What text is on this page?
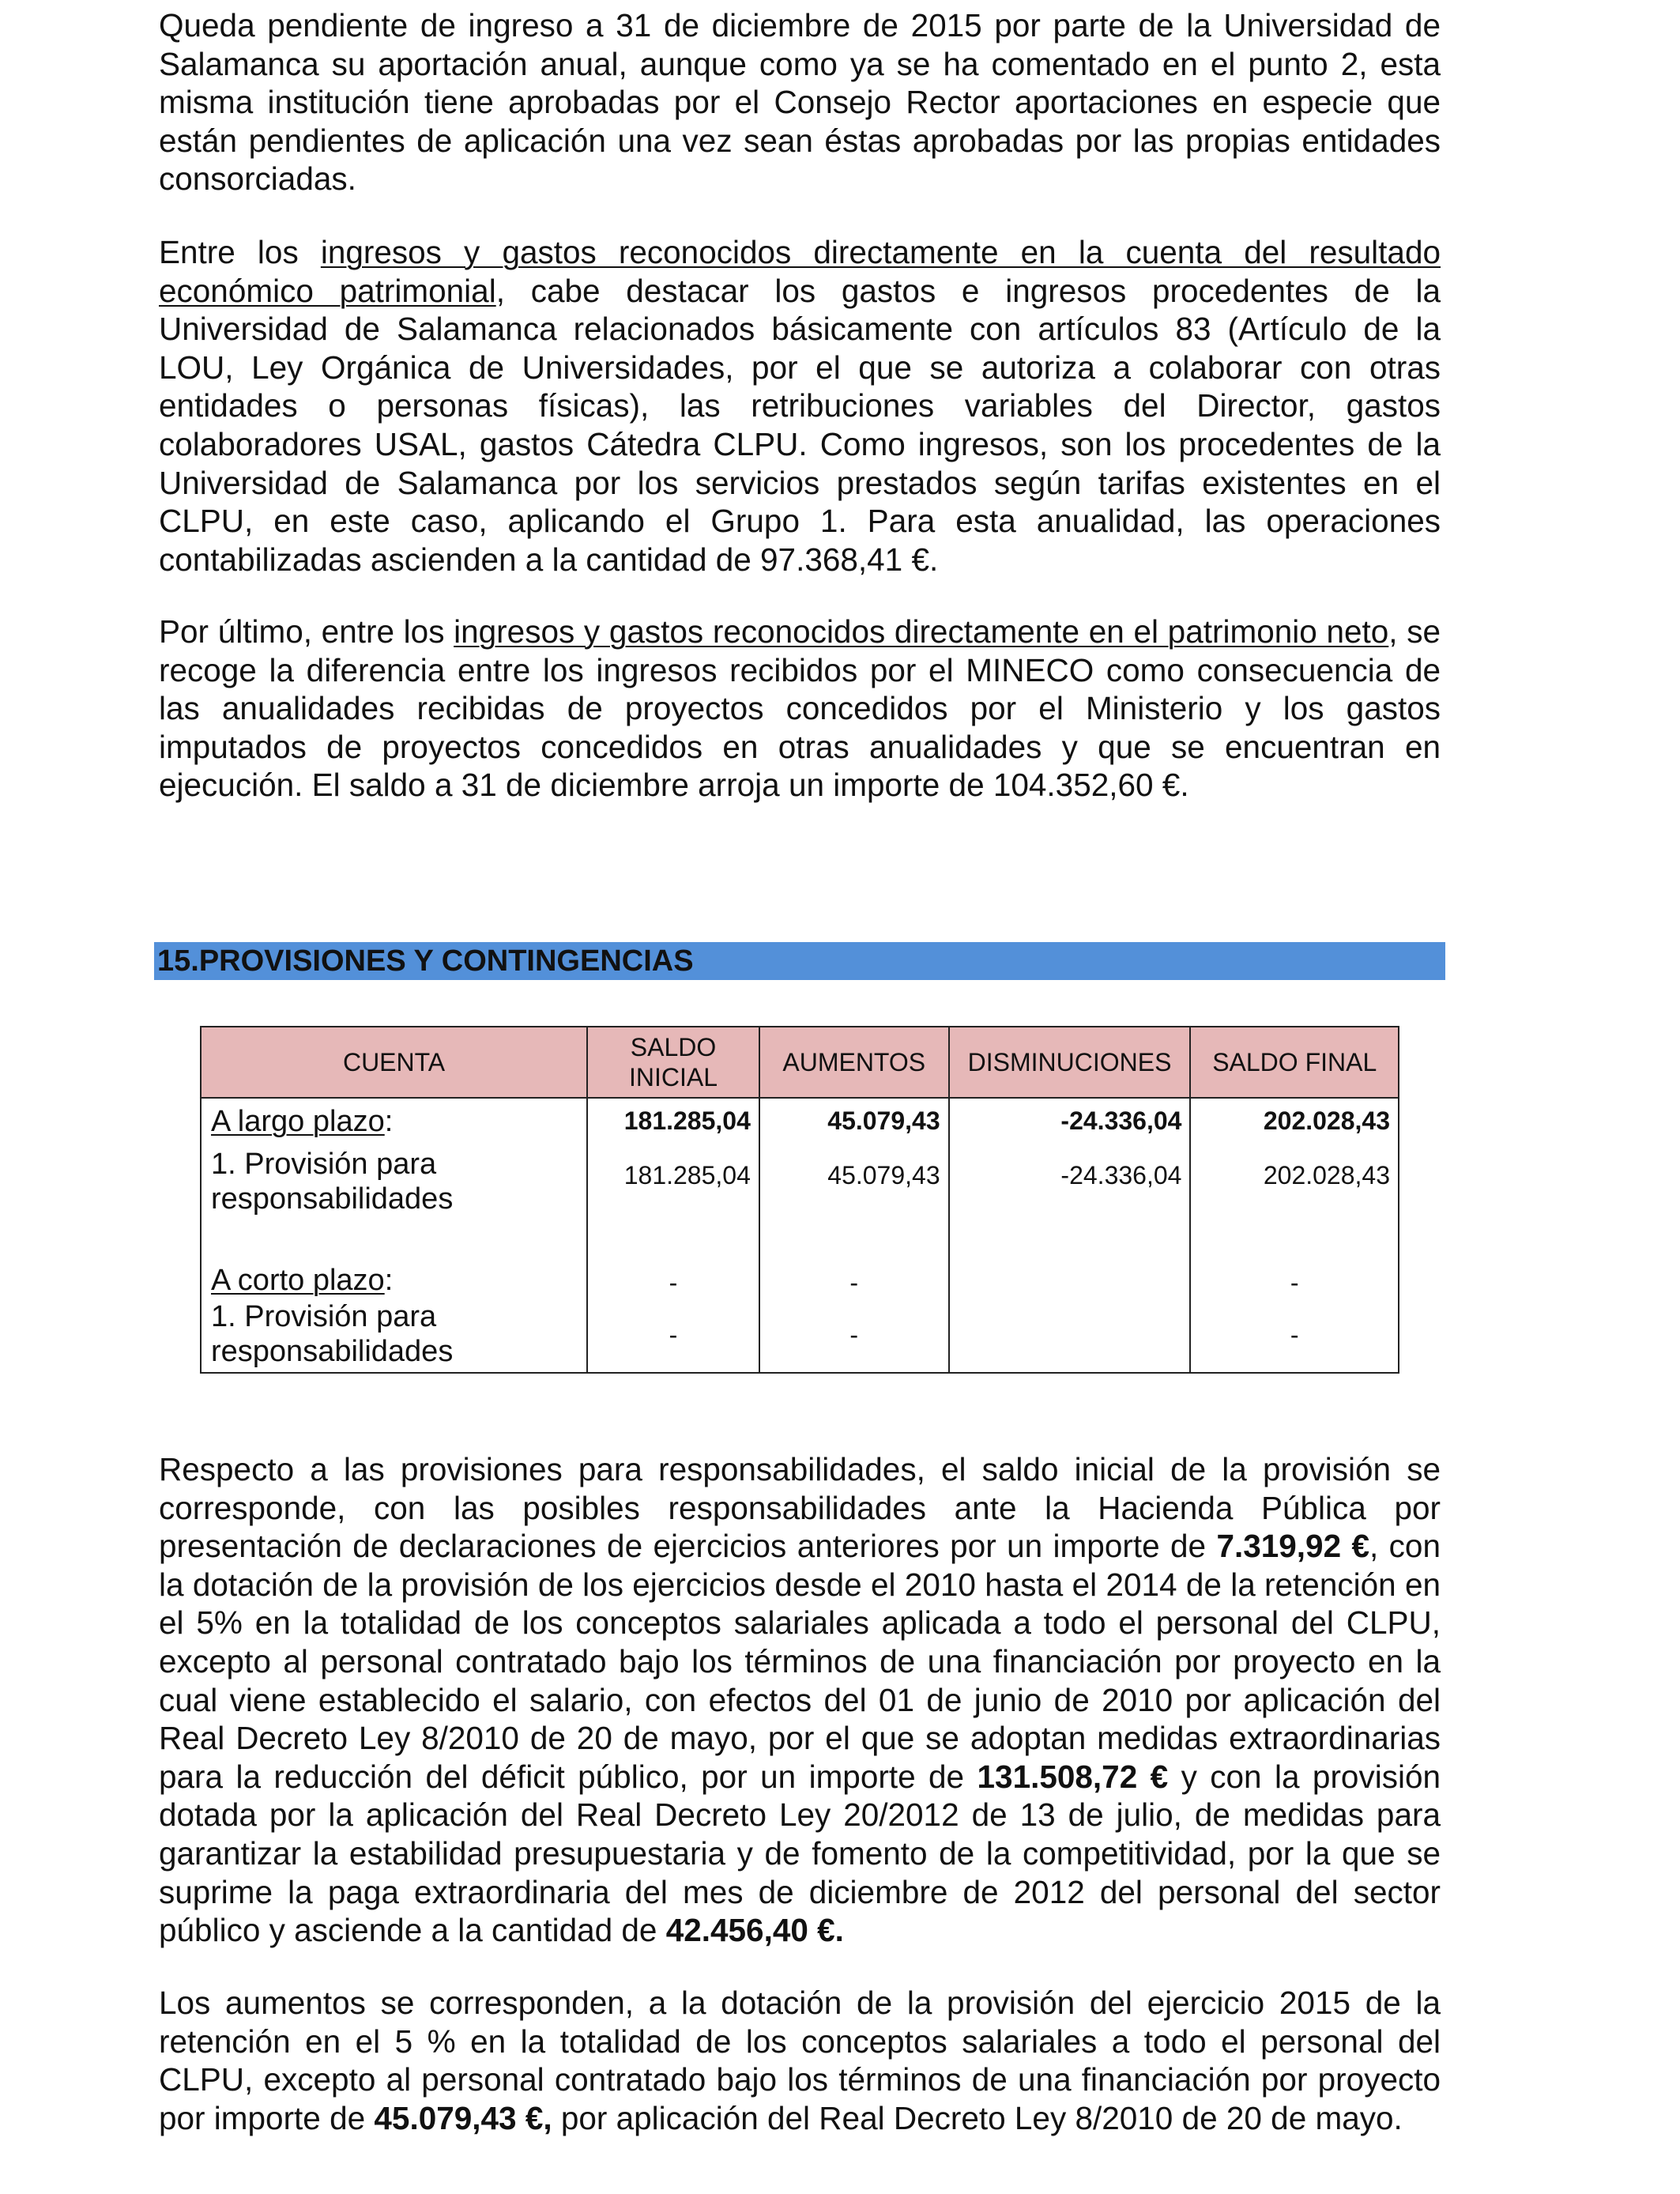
Queda pendiente de ingreso a 31 de diciembre de 2015 por parte de la Universidad de Salamanca su aportación anual, aunque como ya se ha comentado en el punto 2, esta misma institución tiene aprobadas por el Consejo Rector aportaciones en especie que están pendientes de aplicación una vez sean éstas aprobadas por las propias entidades consorciadas.

Entre los ingresos y gastos reconocidos directamente en la cuenta del resultado económico patrimonial, cabe destacar los gastos e ingresos procedentes de la Universidad de Salamanca relacionados básicamente con artículos 83 (Artículo de la LOU, Ley Orgánica de Universidades, por el que se autoriza a colaborar con otras entidades o personas físicas), las retribuciones variables del Director, gastos colaboradores USAL, gastos Cátedra CLPU. Como ingresos, son los procedentes de la Universidad de Salamanca por los servicios prestados según tarifas existentes en el CLPU, en este caso, aplicando el Grupo 1. Para esta anualidad, las operaciones contabilizadas ascienden a la cantidad de 97.368,41 €.

Por último, entre los ingresos y gastos reconocidos directamente en el patrimonio neto, se recoge la diferencia entre los ingresos recibidos por el MINECO como consecuencia de las anualidades recibidas de proyectos concedidos por el Ministerio y los gastos imputados de proyectos concedidos en otras anualidades y que se encuentran en ejecución. El saldo a 31 de diciembre arroja un importe de 104.352,60 €.

15.PROVISIONES Y CONTINGENCIAS
CUENTA	SALDO INICIAL	AUMENTOS	DISMINUCIONES	SALDO FINAL
A largo plazo:	181.285,04	45.079,43	-24.336,04	202.028,43
1. Provisión para responsabilidades	181.285,04	45.079,43	-24.336,04	202.028,43
A corto plazo:	-	-		-
1. Provisión para responsabilidades	-	-		-

Respecto a las provisiones para responsabilidades, el saldo inicial de la provisión se corresponde, con las posibles responsabilidades ante la Hacienda Pública por presentación de declaraciones de ejercicios anteriores por un importe de 7.319,92 €, con la dotación de la provisión de los ejercicios desde el 2010 hasta el 2014 de la retención en el 5% en la totalidad de los conceptos salariales aplicada a todo el personal del CLPU, excepto al personal contratado bajo los términos de una financiación por proyecto en la cual viene establecido el salario, con efectos del 01 de junio de 2010 por aplicación del Real Decreto Ley 8/2010 de 20 de mayo, por el que se adoptan medidas extraordinarias para la reducción del déficit público, por un importe de 131.508,72 € y con la provisión dotada por la aplicación del Real Decreto Ley 20/2012 de 13 de julio, de medidas para garantizar la estabilidad presupuestaria y de fomento de la competitividad, por la que se suprime la paga extraordinaria del mes de diciembre de 2012 del personal del sector público y asciende a la cantidad de 42.456,40 €.

Los aumentos se corresponden, a la dotación de la provisión del ejercicio 2015 de la retención en el 5 % en la totalidad de los conceptos salariales a todo el personal del CLPU, excepto al personal contratado bajo los términos de una financiación por proyecto por importe de 45.079,43 €, por aplicación del Real Decreto Ley 8/2010 de 20 de mayo.
